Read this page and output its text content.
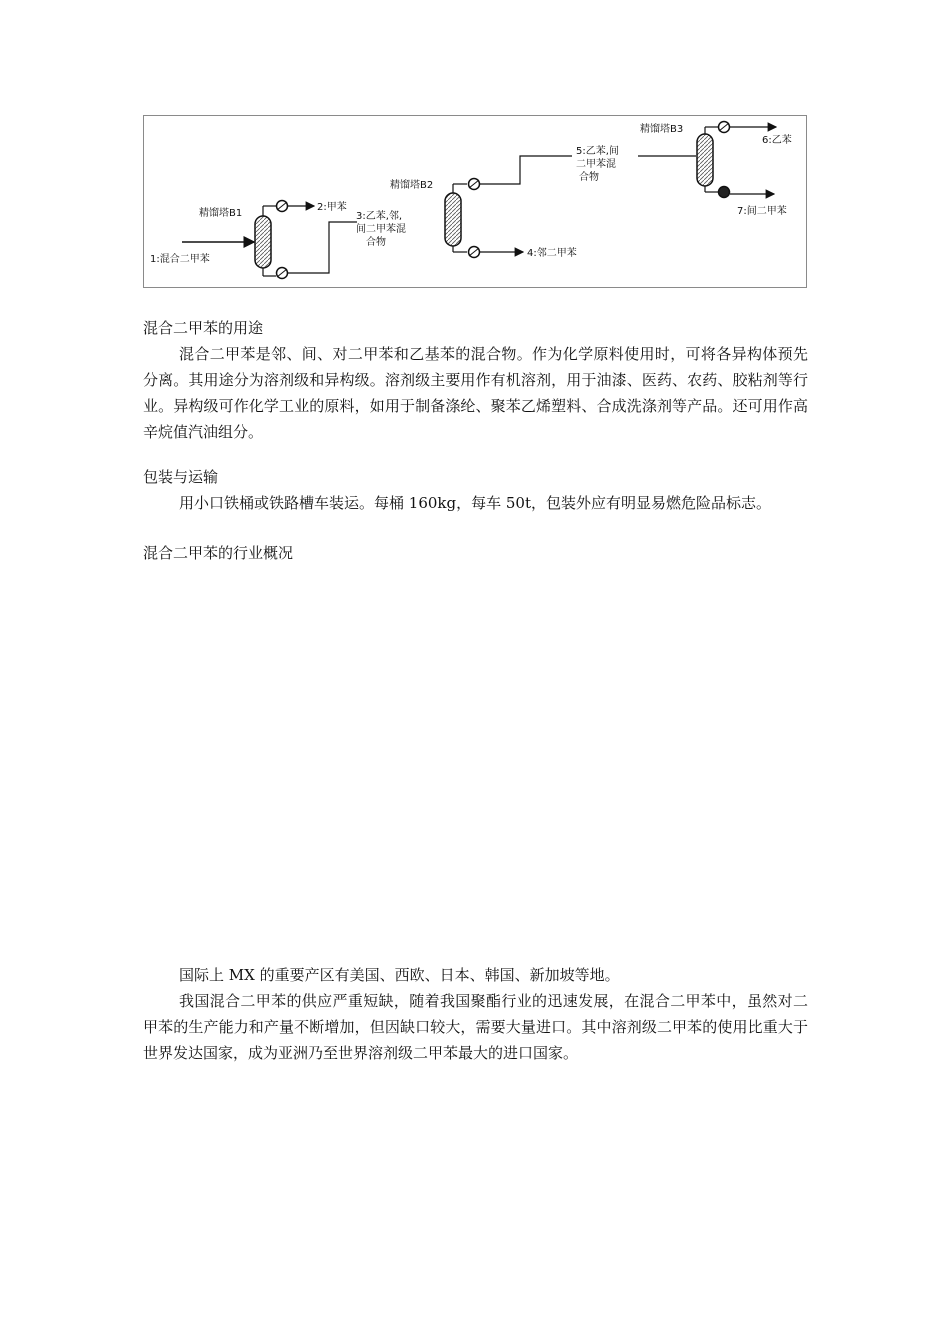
1:混合二甲苯
精馏塔B1
2:甲苯
3:乙苯,邻,
间二甲苯混
合物
精馏塔B2
4:邻二甲苯
5:乙苯,间
二甲苯混
合物
精馏塔B3
6:乙苯
7:间二甲苯
混合二甲苯的用途

混合二甲苯是邻、间、对二甲苯和乙基苯的混合物。作为化学原料使用时，可将各异构体预先分离。其用途分为溶剂级和异构级。溶剂级主要用作有机溶剂，用于油漆、医药、农药、胶粘剂等行业。异构级可作化学工业的原料，如用于制备涤纶、聚苯乙烯塑料、合成洗涤剂等产品。还可用作高辛烷值汽油组分。

包装与运输

用小口铁桶或铁路槽车装运。每桶 160kg，每车 50t，包装外应有明显易燃危险品标志。

混合二甲苯的行业概况

国际上 MX 的重要产区有美国、西欧、日本、韩国、新加坡等地。

我国混合二甲苯的供应严重短缺，随着我国聚酯行业的迅速发展，在混合二甲苯中，虽然对二甲苯的生产能力和产量不断增加，但因缺口较大，需要大量进口。其中溶剂级二甲苯的使用比重大于世界发达国家，成为亚洲乃至世界溶剂级二甲苯最大的进口国家。
